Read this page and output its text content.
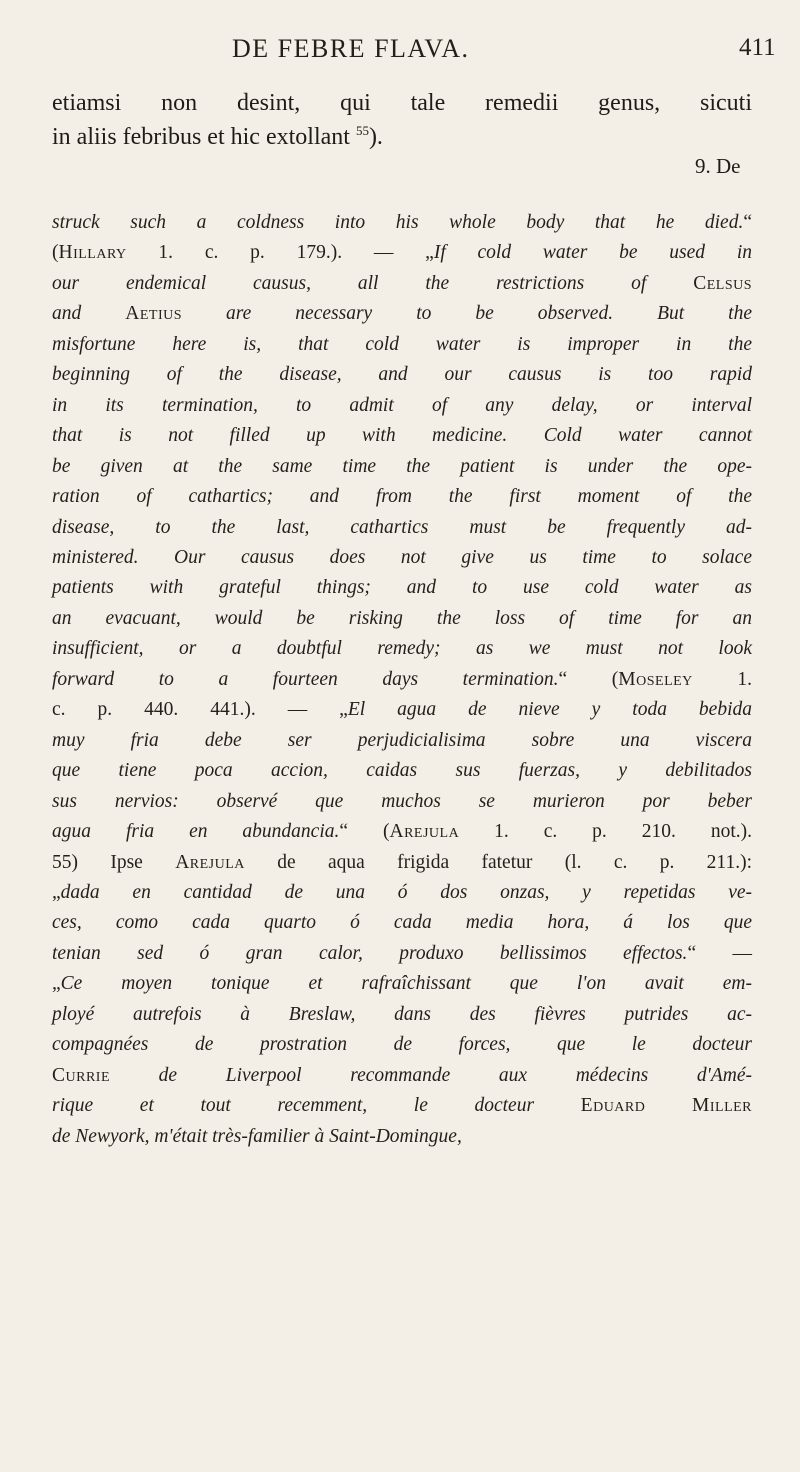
DE FEBRE FLAVA.	411
etiamsi non desint, qui tale remedii genus, sicuti
in aliis febribus et hic extollant $^{55}$).
9. De
struck such a coldness into his whole body that he died.“
(Hillary 1. c. p. 179.). — „If cold water be used in
our endemical causus, all the restrictions of Celsus
and Aetius are necessary to be observed. But the
misfortune here is, that cold water is improper in the
beginning of the disease, and our causus is too rapid
in its termination, to admit of any delay, or interval
that is not filled up with medicine. Cold water cannot
be given at the same time the patient is under the ope-
ration of cathartics; and from the first moment of the
disease, to the last, cathartics must be frequently ad-
ministered. Our causus does not give us time to solace
patients with grateful things; and to use cold water as
an evacuant, would be risking the loss of time for an
insufficient, or a doubtful remedy; as we must not look
forward to a fourteen days termination.“ (Moseley 1.
c. p. 440. 441.). — „El agua de nieve y toda bebida
muy fria debe ser perjudicialisima sobre una viscera
que tiene poca accion, caidas sus fuerzas, y debilitados
sus nervios: observé que muchos se murieron por beber
agua fria en abundancia.“ (Arejula 1. c. p. 210. not.).
55) Ipse Arejula de aqua frigida fatetur (l. c. p. 211.):
„dada en cantidad de una ó dos onzas, y repetidas ve-
ces, como cada quarto ó cada media hora, á los que
tenian sed ó gran calor, produxo bellissimos effectos.“ —
„Ce moyen tonique et rafraîchissant que l'on avait em-
ployé autrefois à Breslaw, dans des fièvres putrides ac-
compagnées de prostration de forces, que le docteur
Currie de Liverpool recommande aux médecins d'Amé-
rique et tout recemment, le docteur Eduard Miller
de Newyork, m'était très-familier à Saint-Domingue,
